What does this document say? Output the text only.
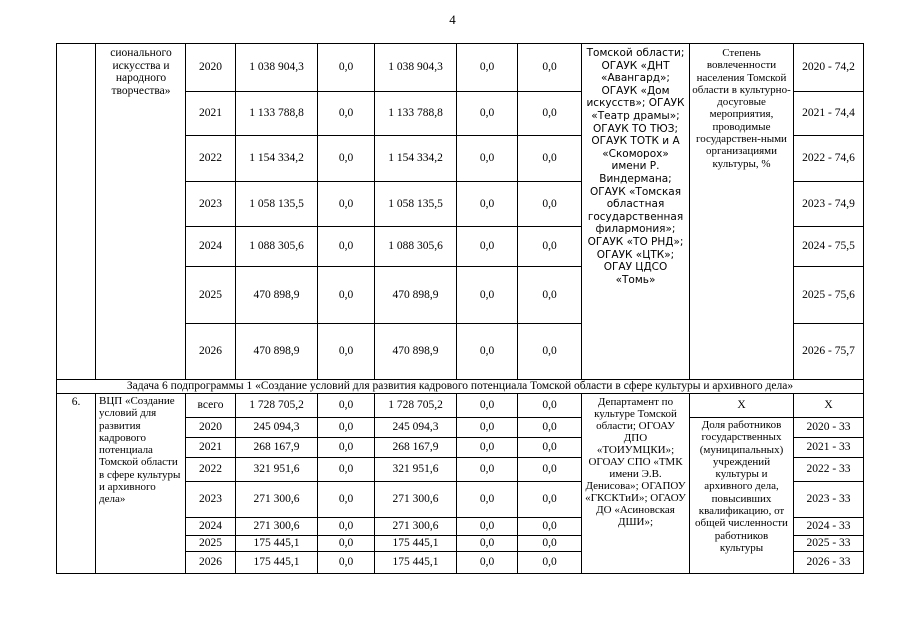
4
	сионального искусства и народного творчества»	2020	1 038 904,3	0,0	1 038 904,3	0,0	0,0	Томской области; ОГАУК «ДНТ «Авангард»; ОГАУК «Дом искусств»; ОГАУК «Театр драмы»; ОГАУК ТО ТЮЗ; ОГАУК ТОТК и А «Скоморох» имени Р. Виндермана; ОГАУК «Томская областная государственная филармония»; ОГАУК «ТО РНД»; ОГАУК «ЦТК»; ОГАУ ЦДСО «Томь»	Степень вовлеченности населения Томской области в культурно-досуговые мероприятия, проводимые государствен-ными организациями культуры, %	2020 - 74,2
		2021	1 133 788,8	0,0	1 133 788,8	0,0	0,0			2021 - 74,4
		2022	1 154 334,2	0,0	1 154 334,2	0,0	0,0			2022 - 74,6
		2023	1 058 135,5	0,0	1 058 135,5	0,0	0,0			2023 - 74,9
		2024	1 088 305,6	0,0	1 088 305,6	0,0	0,0			2024 - 75,5
		2025	470 898,9	0,0	470 898,9	0,0	0,0			2025 - 75,6
		2026	470 898,9	0,0	470 898,9	0,0	0,0			2026 - 75,7
Задача 6 подпрограммы 1 «Создание условий для развития кадрового потенциала Томской области в сфере культуры и архивного дела»										
6.	ВЦП «Создание условий для развития кадрового потенциала Томской области в сфере культуры и архивного дела»	всего	1 728 705,2	0,0	1 728 705,2	0,0	0,0	Департамент по культуре Томской области; ОГОАУ ДПО «ТОИУМЦКИ»; ОГОАУ СПО «ТМК имени Э.В. Денисова»; ОГАПОУ «ГКСКТиИ»; ОГАОУ ДО «Асиновская ДШИ»;	Х	Х
		2020	245 094,3	0,0	245 094,3	0,0	0,0		Доля работников государственных (муниципальных) учреждений культуры и архивного дела, повысивших квалификацию, от общей численности работников культуры	2020 - 33
		2021	268 167,9	0,0	268 167,9	0,0	0,0			2021 - 33
		2022	321 951,6	0,0	321 951,6	0,0	0,0			2022 - 33
		2023	271 300,6	0,0	271 300,6	0,0	0,0			2023 - 33
		2024	271 300,6	0,0	271 300,6	0,0	0,0			2024 - 33
		2025	175 445,1	0,0	175 445,1	0,0	0,0			2025 - 33
		2026	175 445,1	0,0	175 445,1	0,0	0,0			2026 - 33
